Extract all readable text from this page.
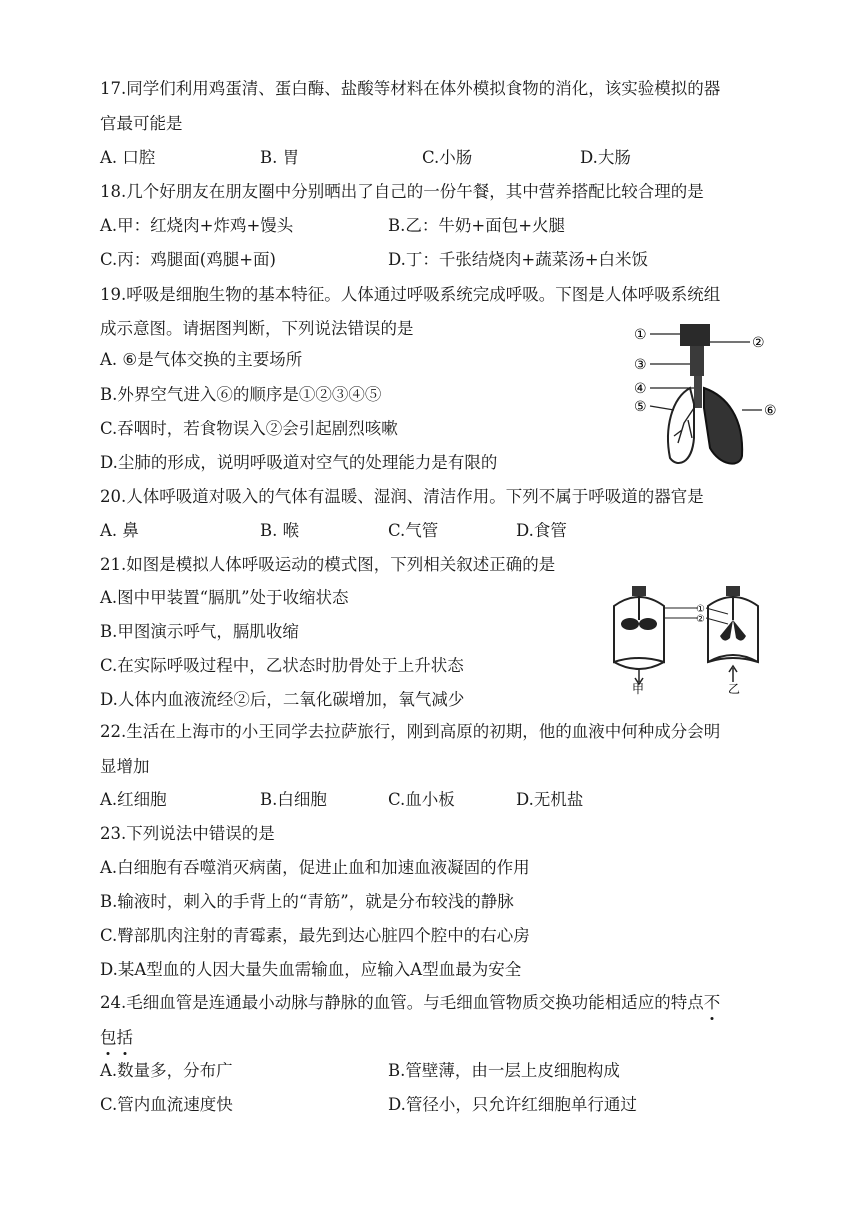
17.同学们利用鸡蛋清、蛋白酶、盐酸等材料在体外模拟食物的消化，该实验模拟的器
官最可能是
A. 口腔	B. 胃	C.小肠	D.大肠
18.几个好朋友在朋友圈中分别晒出了自己的一份午餐，其中营养搭配比较合理的是
A.甲：红烧肉+炸鸡+馒头	B.乙：牛奶+面包+火腿
C.丙：鸡腿面(鸡腿+面)	D.丁：千张结烧肉+蔬菜汤+白米饭
19.呼吸是细胞生物的基本特征。人体通过呼吸系统完成呼吸。下图是人体呼吸系统组
成示意图。请据图判断，下列说法错误的是
A. ⑥是气体交换的主要场所
B.外界空气进入⑥的顺序是①②③④⑤
C.吞咽时，若食物误入②会引起剧烈咳嗽
D.尘肺的形成，说明呼吸道对空气的处理能力是有限的
①	②
③
④
⑤	⑥
20.人体呼吸道对吸入的气体有温暖、湿润、清洁作用。下列不属于呼吸道的器官是
A. 鼻	B. 喉	C.气管	D.食管
21.如图是模拟人体呼吸运动的模式图，下列相关叙述正确的是
A.图中甲装置“膈肌”处于收缩状态
B.甲图演示呼气，膈肌收缩
C.在实际呼吸过程中，乙状态时肋骨处于上升状态
D.人体内血液流经②后，二氧化碳增加，氧气减少
①
②
甲	乙
22.生活在上海市的小王同学去拉萨旅行，刚到高原的初期，他的血液中何种成分会明
显增加
A.红细胞	B.白细胞	C.血小板	D.无机盐
23.下列说法中错误的是
A.白细胞有吞噬消灭病菌，促进止血和加速血液凝固的作用
B.输液时，刺入的手背上的“青筋”，就是分布较浅的静脉
C.臀部肌肉注射的青霉素，最先到达心脏四个腔中的右心房
D.某A型血的人因大量失血需输血，应输入A型血最为安全
24.毛细血管是连通最小动脉与静脉的血管。与毛细血管物质交换功能相适应的特点不
包括
A.数量多，分布广	B.管壁薄，由一层上皮细胞构成
C.管内血流速度快	D.管径小，只允许红细胞单行通过
